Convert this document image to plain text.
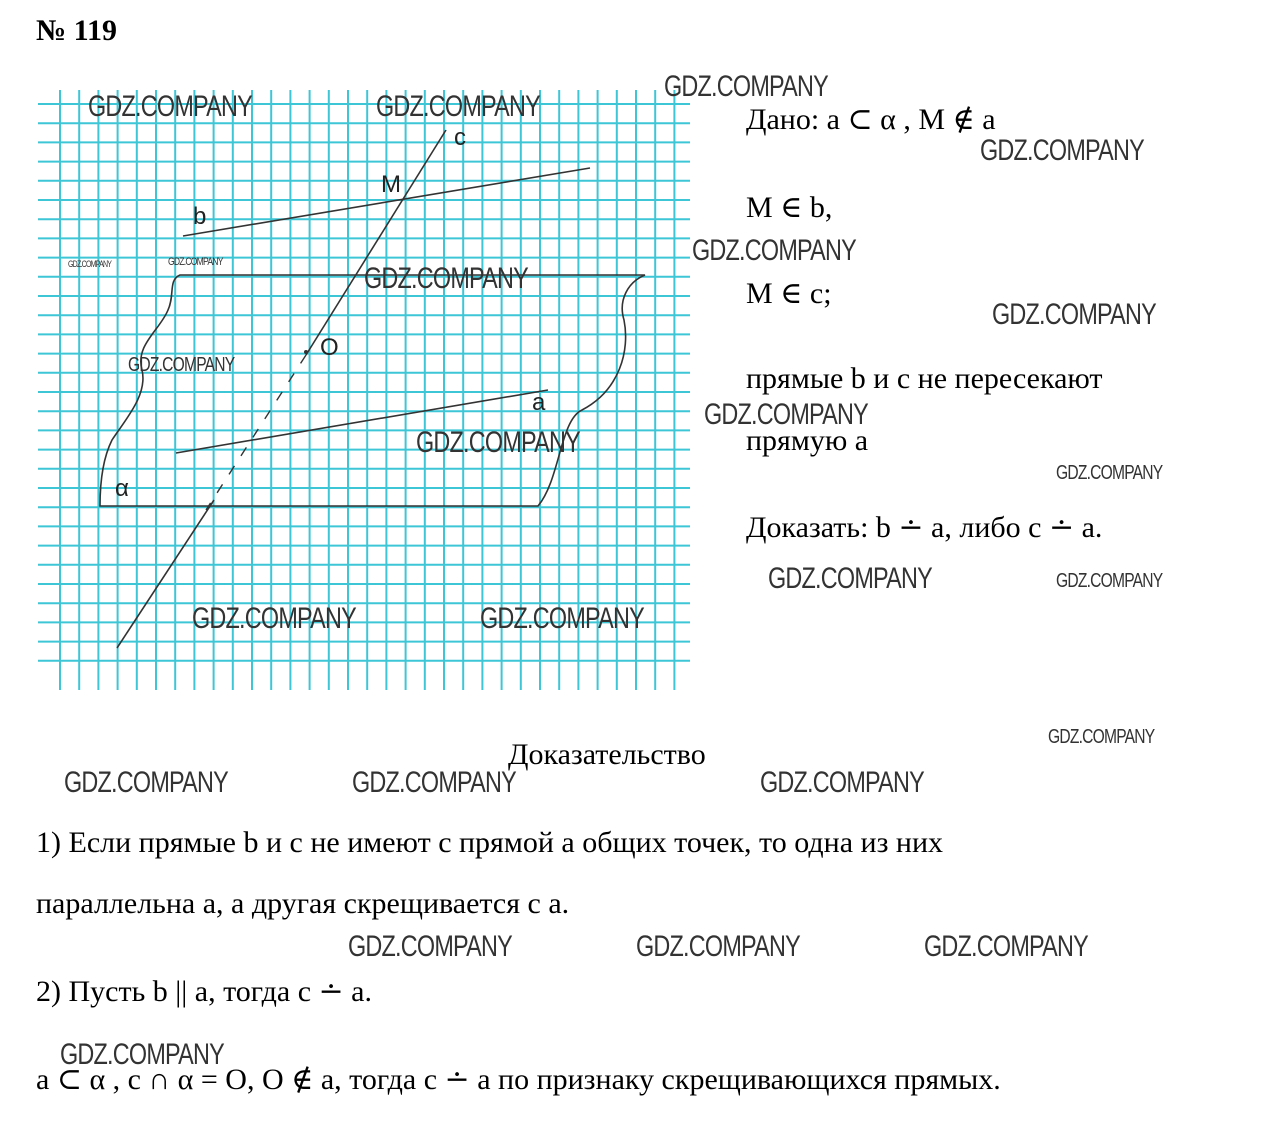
c
M
b
O
a
α
№ 119
Дано: a ⊂ α , M ∉ a
M ∈ b,
M ∈ c;
прямые b и с не пересекают
прямую а
Доказать: b ∸ a, либо c ∸ a.
Доказательство
1) Если прямые b и с не имеют с прямой а общих точек, то одна из них
параллельна а, а другая скрещивается с а.
2) Пусть b || a, тогда c ∸ a.
a ⊂ α , c ∩ α = O, O ∉ a, тогда c ∸ a по признаку скрещивающихся прямых.
GDZ.COMPANY	GDZ.COMPANY
GDZ.COMPANY
GDZ.COMPANY
GDZ.COMPANY
GDZ.COMPANY
GDZ.COMPANY
GDZ.COMPANY
GDZ.COMPANY
GDZ.COMPANY
GDZ.COMPANY	GDZ.COMPANY
GDZ.COMPANY	GDZ.COMPANY	GDZ.COMPANY
GDZ.COMPANY	GDZ.COMPANY	GDZ.COMPANY
GDZ.COMPANY
GDZ.COMPANY
GDZ.COMPANY
GDZ.COMPANY
GDZ.COMPANY
GDZ.COMPANY
GDZ.COMPANY
